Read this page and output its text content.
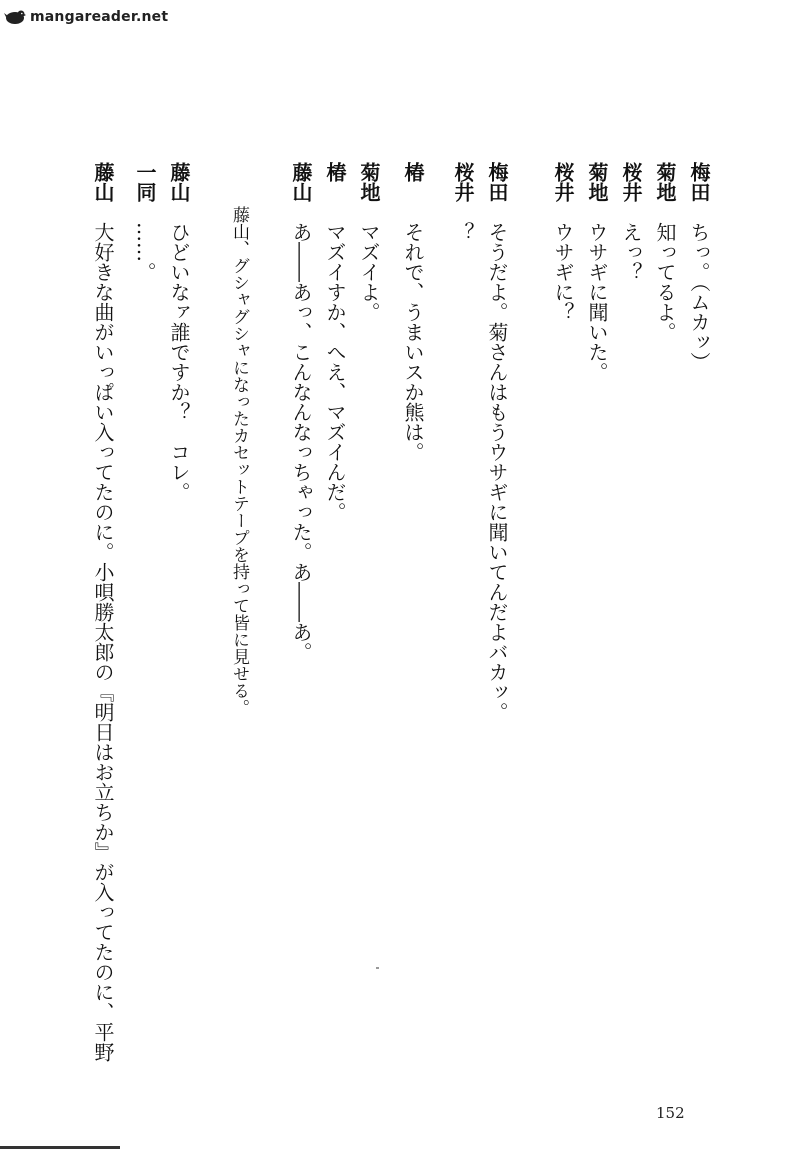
mangareader.net
梅田
ちっ。（ムカッ）
菊地
知ってるよ。
桜井
えっ？
菊地
ウサギに聞いた。
桜井
ウサギに？
梅田
そうだよ。菊さんはもうウサギに聞いてんだよバカッ。
桜井
？
椿
それで、うまいスか熊は。
菊地
マズイよ。
椿
マズイすか、へえ、マズイんだ。
藤山
あ――あっ、こんなんなっちゃった。あ――あ。
藤山、グシャグシャになったカセットテープを持って皆に見せる。
藤山
ひどいなァ誰ですか？　コレ。
一同
……。
藤山
大好きな曲がいっぱい入ってたのに。小唄勝太郎の『明日はお立ちか』が入ってたのに、平野
152
